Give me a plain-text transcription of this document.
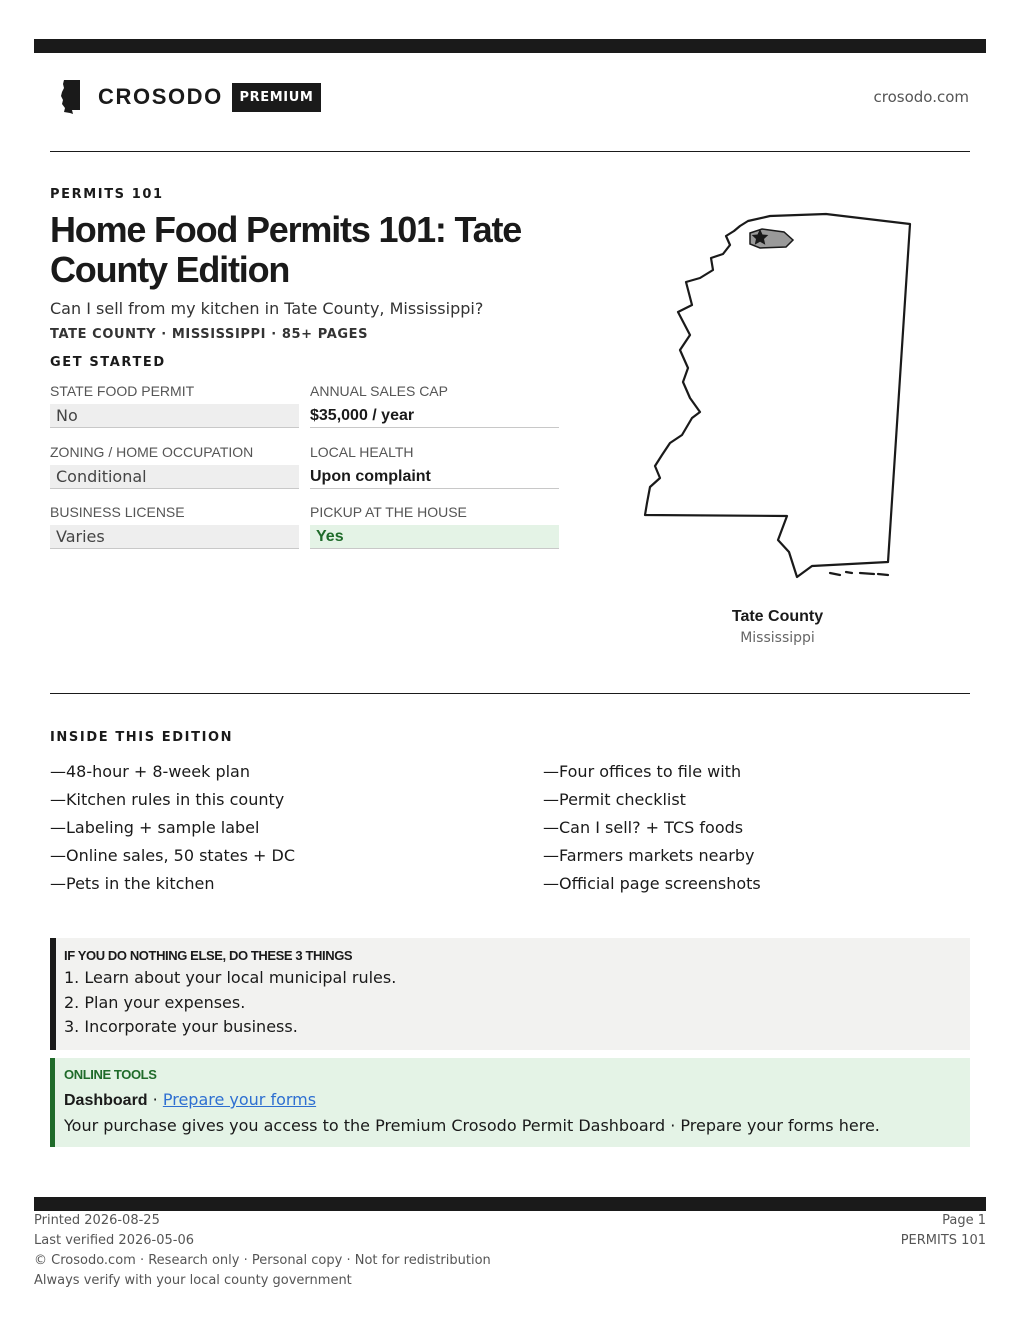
CROSODO	PREMIUM	crosodo.com
PERMITS 101
Home Food Permits 101: Tate County Edition
Can I sell from my kitchen in Tate County, Mississippi?
TATE COUNTY · MISSISSIPPI · 85+ PAGES
GET STARTED
STATE FOOD PERMIT
No
ANNUAL SALES CAP
$35,000 / year
ZONING / HOME OCCUPATION
Conditional
LOCAL HEALTH
Upon complaint
BUSINESS LICENSE
Varies
PICKUP AT THE HOUSE
Yes
Tate County
Mississippi
INSIDE THIS EDITION
—48-hour + 8-week plan
—Kitchen rules in this county
—Labeling + sample label
—Online sales, 50 states + DC
—Pets in the kitchen
—Four offices to file with
—Permit checklist
—Can I sell? + TCS foods
—Farmers markets nearby
—Official page screenshots
IF YOU DO NOTHING ELSE, DO THESE 3 THINGS
1. Learn about your local municipal rules.
2. Plan your expenses.
3. Incorporate your business.
ONLINE TOOLS
Dashboard · Prepare your forms
Your purchase gives you access to the Premium Crosodo Permit Dashboard · Prepare your forms here.
Printed 2026-08-25
Last verified 2026-05-06
© Crosodo.com · Research only · Personal copy · Not for redistribution
Always verify with your local county government
Page 1
PERMITS 101
